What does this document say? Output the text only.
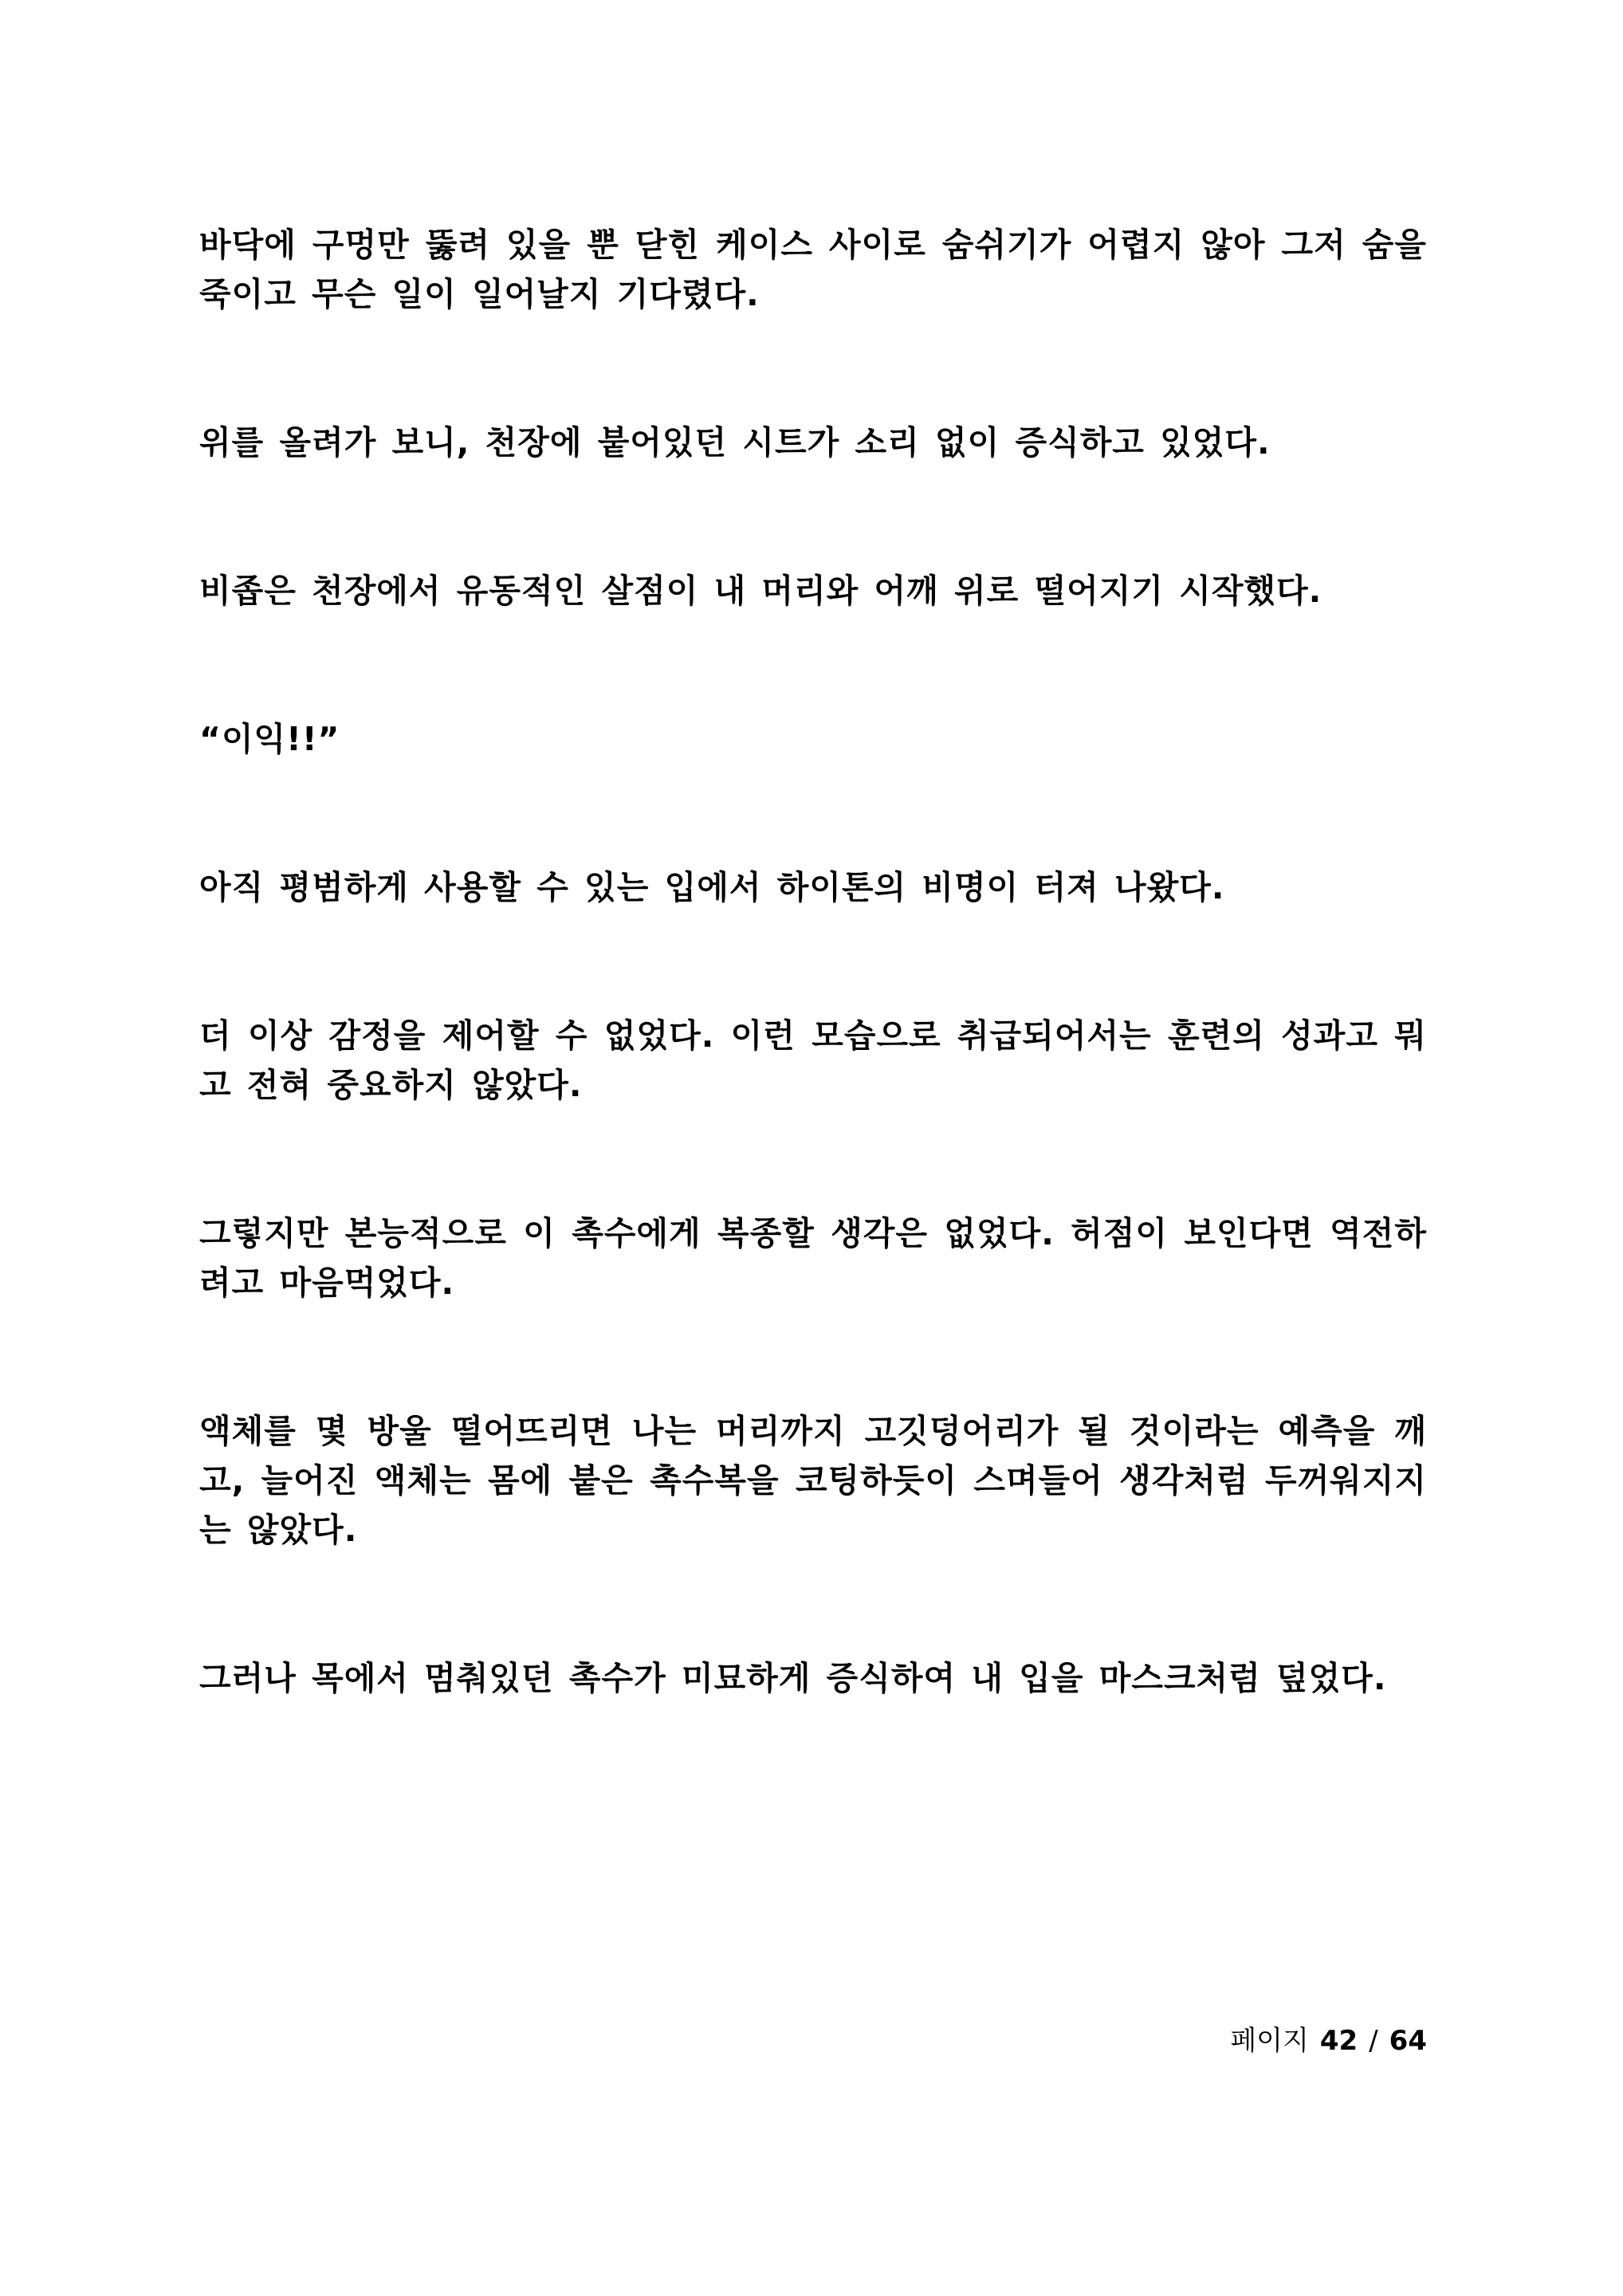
바닥에 구멍만 뚫려 있을 뿐 닫힌 케이스 사이로 숨쉬기가 어렵지 않아 그저 숨을 죽이고 무슨 일이 일어날지 기다렸다.

위를 올려가 보니, 천장에 붙어있던 시트가 소리 없이 증식하고 있었다.

비좁은 천장에서 유동적인 살점이 내 머리와 어깨 위로 떨어지기 시작했다.

“이익!!”

아직 평범하게 사용할 수 있는 입에서 하이톤의 비명이 터져 나왔다.

더 이상 감정을 제어할 수 없었다. 이런 모습으로 취급되어서는 훈련의 성과고 뭐고 전혀 중요하지 않았다.

그렇지만 본능적으로 이 촉수에게 복종할 생각은 없었다. 허점이 보인다면 역전하려고 마음먹었다.

액체를 몇 방울 떨어뜨리면 나는 머리까지 고깃덩어리가 될 것이라는 예측을 깨고, 늘어진 액체는 몸에 붙은 촉수복을 코팅하듯이 스며들어 생각처럼 두꺼워지지는 않았다.

그러나 목에서 멈춰있던 촉수가 미묘하게 증식하여 내 입을 마스크처럼 덮었다.

페이지 42 / 64
